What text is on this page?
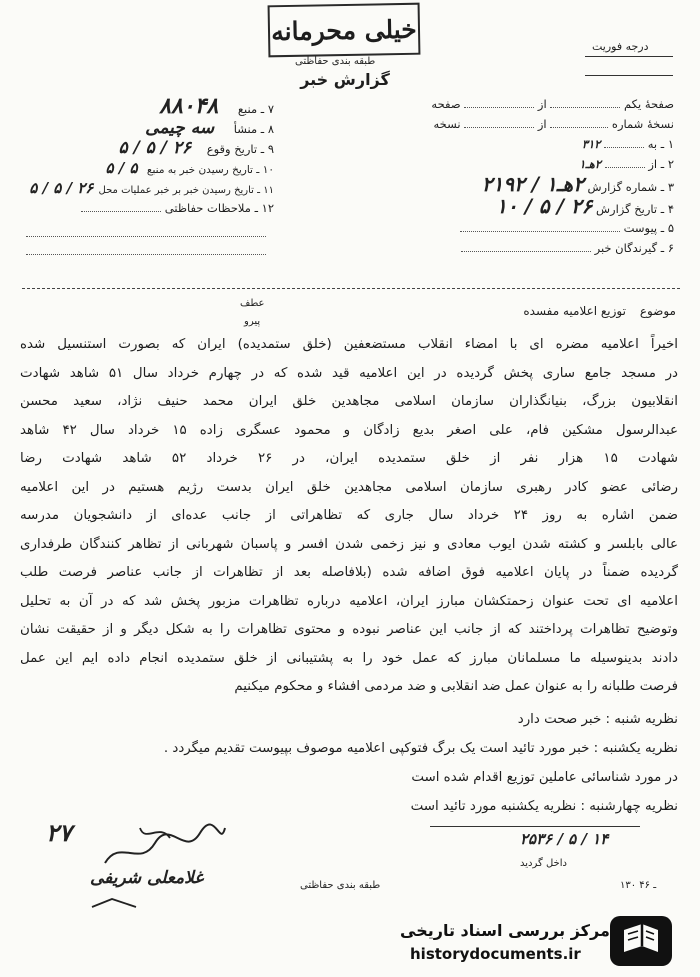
خیلی محرمانه
طبقه بندی حفاظتی
گزارش خبر
درجه فوریت
صفحهٔ یکم  از  صفحه
نسخهٔ شماره  از  نسخه
۱ ـ به  ۳۱۲
۲ ـ از  ۲هـ۱
۳ ـ شماره گزارش ۲هـ۱ / ۲۱۹۲
۴ ـ تاریخ گزارش ۲۶ / ۵ / ۱۰
۵ ـ پیوست
۶ ـ گیرندگان خبر
۷ ـ منبع ۸۸۰۴۸
۸ ـ منشأ سه چیمی
۹ ـ تاریخ وقوع ۲۶ / ۵ / ۵
۱۰ ـ تاریخ رسیدن خبر به منبع ۵ / ۵
۱۱ ـ تاریخ رسیدن خبر بر خبر عملیات محل ۲۶ / ۵ / ۵
۱۲ ـ ملاحظات حفاظتی
عطف
پیرو
موضوع توزیع اعلامیه مفسده
اخیراً اعلامیه مضره ای با امضاء انقلاب مستضعفین (خلق ستمدیده) ایران که بصورت استنسیل شده
در مسجد جامع ساری پخش گردیده در این اعلامیه قید شده که در چهارم خرداد سال ۵۱ شاهد شهادت
انقلابیون بزرگ، بنیانگذاران سازمان اسلامی مجاهدین خلق ایران محمد حنیف نژاد، سعید محسن
عبدالرسول مشکین فام، علی اصغر بدیع زادگان و محمود عسگری زاده ۱۵ خرداد سال ۴۲ شاهد
شهادت ۱۵ هزار نفر از خلق ستمدیده ایران، در ۲۶ خرداد ۵۲ شاهد شهادت رضا
رضائی عضو کادر رهبری سازمان اسلامی مجاهدین خلق ایران بدست رژیم هستیم در این اعلامیه
ضمن اشاره به روز ۲۴ خرداد سال جاری که تظاهراتی از جانب عده‌ای از دانشجویان مدرسه
عالی بابلسر و کشته شدن ایوب معادی و نیز زخمی شدن افسر و پاسبان شهربانی از تظاهر کنندگان طرفداری
گردیده ضمناً در پایان اعلامیه فوق اضافه شده (بلافاصله بعد از تظاهرات از جانب عناصر فرصت طلب
اعلامیه ای تحت عنوان زحمتکشان مبارز ایران، اعلامیه درباره تظاهرات مزبور پخش شد که در آن به تحلیل
وتوضیح تظاهرات پرداختند که از جانب این عناصر نبوده و محتوی تظاهرات را به شکل دیگر و از حقیقت نشان
دادند بدینوسیله ما مسلمانان مبارز که عمل خود را به پشتیبانی از خلق ستمدیده انجام داده ایم این عمل
فرصت طلبانه را به عنوان عمل ضد انقلابی و ضد مردمی افشاء و محکوم میکنیم
نظریه شنبه : خبر صحت دارد
نظریه یکشنبه : خبر مورد تائید است یک برگ فتوکپی اعلامیه موصوف بپیوست تقدیم میگردد .
در مورد شناسائی عاملین توزیع اقدام شده است
نظریه چهارشنبه : نظریه یکشنبه مورد تائید است
۲۷
غلامعلی شریفی
۲۵۳۶ / ۵ / ۱۴
داخل گردید
طبقه بندی حفاظتی	۱۳۰ ـ ۴۶
مرکز بررسی اسناد تاریخی
historydocuments.ir
